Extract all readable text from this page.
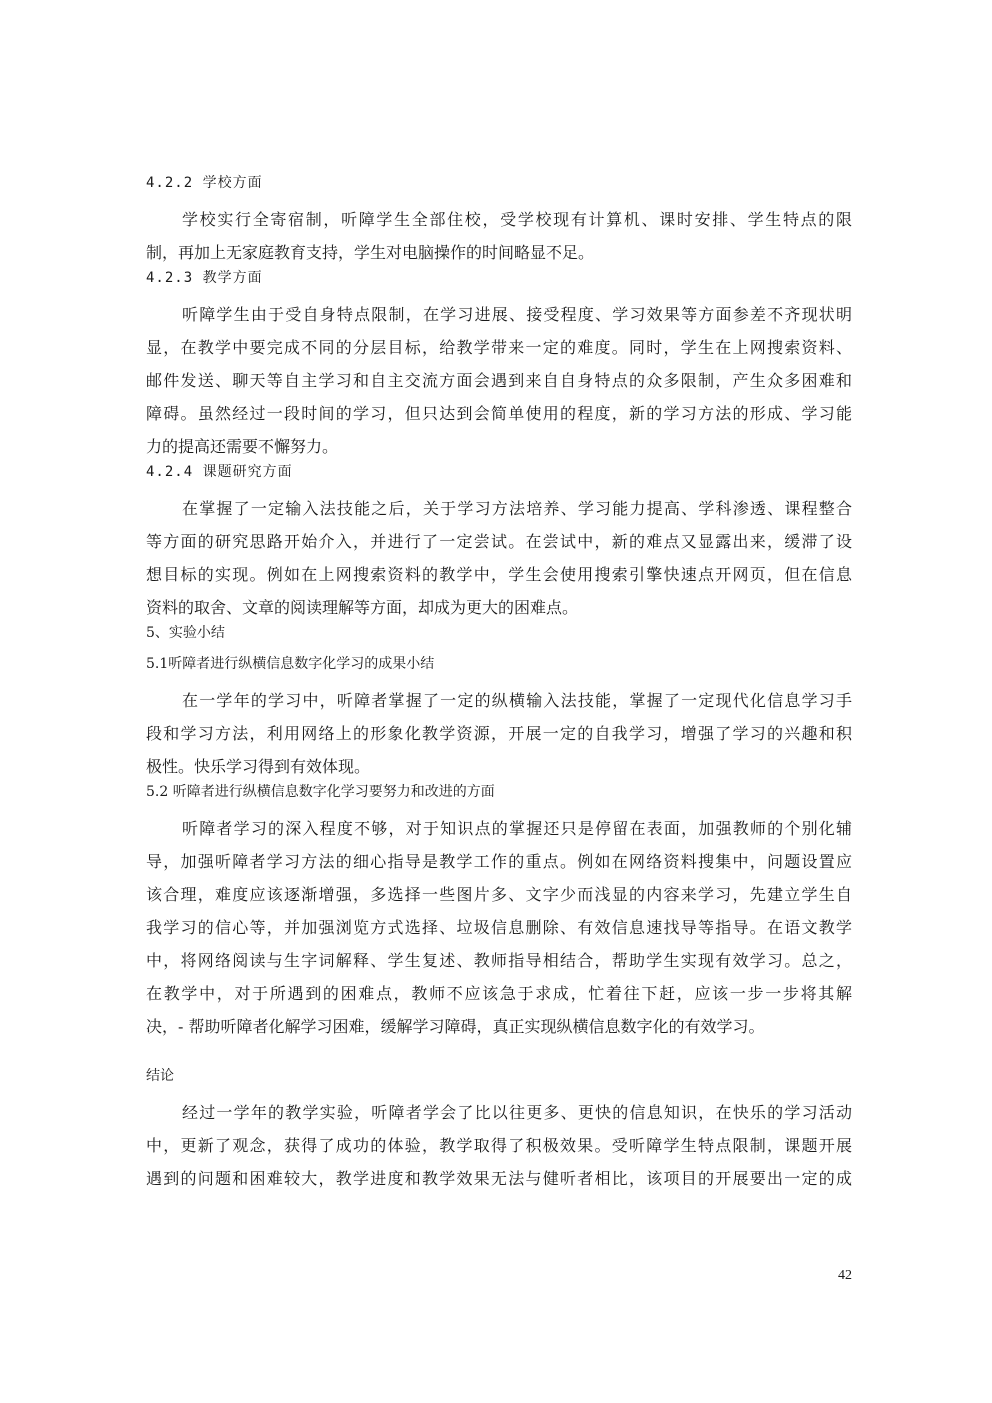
4.2.2 学校方面
学校实行全寄宿制，听障学生全部住校，受学校现有计算机、课时安排、学生特点的限
制，再加上无家庭教育支持，学生对电脑操作的时间略显不足。
4.2.3 教学方面
听障学生由于受自身特点限制，在学习进展、接受程度、学习效果等方面参差不齐现状明
显，在教学中要完成不同的分层目标，给教学带来一定的难度。同时，学生在上网搜索资料、
邮件发送、聊天等自主学习和自主交流方面会遇到来自自身特点的众多限制，产生众多困难和
障碍。虽然经过一段时间的学习，但只达到会简单使用的程度，新的学习方法的形成、学习能
力的提高还需要不懈努力。
4.2.4 课题研究方面
在掌握了一定输入法技能之后，关于学习方法培养、学习能力提高、学科渗透、课程整合
等方面的研究思路开始介入，并进行了一定尝试。在尝试中，新的难点又显露出来，缓滞了设
想目标的实现。例如在上网搜索资料的教学中，学生会使用搜索引擎快速点开网页，但在信息
资料的取舍、文章的阅读理解等方面，却成为更大的困难点。
5、实验小结
5.1听障者进行纵横信息数字化学习的成果小结
在一学年的学习中，听障者掌握了一定的纵横输入法技能，掌握了一定现代化信息学习手
段和学习方法，利用网络上的形象化教学资源，开展一定的自我学习，增强了学习的兴趣和积
极性。快乐学习得到有效体现。
5.2 听障者进行纵横信息数字化学习要努力和改进的方面
听障者学习的深入程度不够，对于知识点的掌握还只是停留在表面，加强教师的个别化辅
导，加强听障者学习方法的细心指导是教学工作的重点。例如在网络资料搜集中，问题设置应
该合理，难度应该逐渐增强，多选择一些图片多、文字少而浅显的内容来学习，先建立学生自
我学习的信心等，并加强浏览方式选择、垃圾信息删除、有效信息速找导等指导。在语文教学
中，将网络阅读与生字词解释、学生复述、教师指导相结合，帮助学生实现有效学习。总之，
在教学中，对于所遇到的困难点，教师不应该急于求成，忙着往下赶，应该一步一步将其解
决，- 帮助听障者化解学习困难，缓解学习障碍，真正实现纵横信息数字化的有效学习。
结论
经过一学年的教学实验，听障者学会了比以往更多、更快的信息知识，在快乐的学习活动
中，更新了观念，获得了成功的体验，教学取得了积极效果。受听障学生特点限制，课题开展
遇到的问题和困难较大，教学进度和教学效果无法与健听者相比，该项目的开展要出一定的成
42
